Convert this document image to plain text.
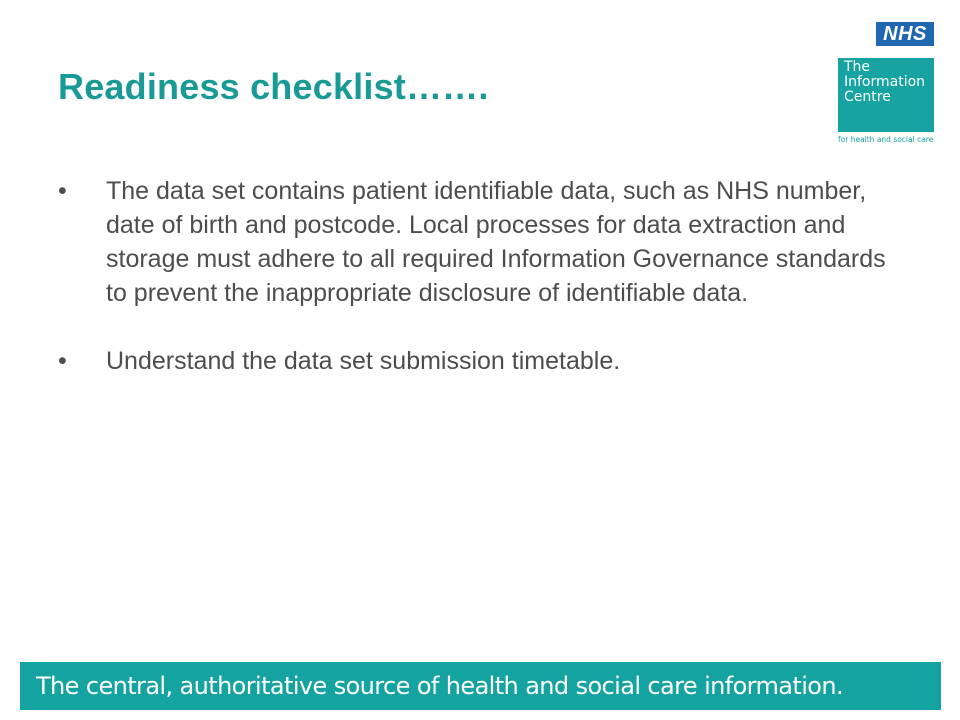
Readiness checklist…….
NHS
The
Information
Centre
for health and social care
•	The data set contains patient identifiable data, such as NHS number, date of birth and postcode. Local processes for data extraction and storage must adhere to all required Information Governance standards to prevent the inappropriate disclosure of identifiable data.
•	Understand the data set submission timetable.

The central, authoritative source of health and social care information.
